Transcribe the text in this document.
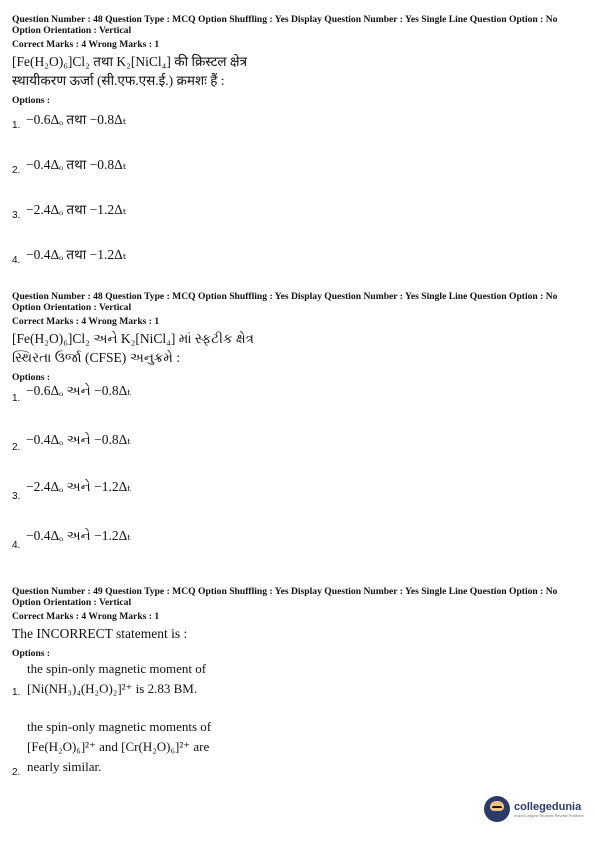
Question Number : 48 Question Type : MCQ Option Shuffling : Yes Display Question Number : Yes Single Line Question Option : No Option Orientation : Vertical
Correct Marks : 4 Wrong Marks : 1
[Fe(H₂O)₆]Cl₂ तथा K₂[NiCl₄] की क्रिस्टल क्षेत्र
स्थायीकरण ऊर्जा (सी.एफ.एस.ई.) क्रमशः हैं :
Options :
1. −0.6Δₒ तथा −0.8Δₜ
2. −0.4Δₒ तथा −0.8Δₜ
3. −2.4Δₒ तथा −1.2Δₜ
4. −0.4Δₒ तथा −1.2Δₜ
Question Number : 48 Question Type : MCQ Option Shuffling : Yes Display Question Number : Yes Single Line Question Option : No Option Orientation : Vertical
Correct Marks : 4 Wrong Marks : 1
[Fe(H₂O)₆]Cl₂ અને K₂[NiCl₄] માં સ્ફટીક ક્ષેત્ર
સ્થિરતા ઉર્જા (CFSE) અનુક્રમે :
Options :
1.
−0.6Δₒ અને −0.8Δₜ
2.
−0.4Δₒ અને −0.8Δₜ
3.
−2.4Δₒ અને −1.2Δₜ
4.
−0.4Δₒ અને −1.2Δₜ
Question Number : 49 Question Type : MCQ Option Shuffling : Yes Display Question Number : Yes Single Line Question Option : No Option Orientation : Vertical
Correct Marks : 4 Wrong Marks : 1
The INCORRECT statement is :
Options :
the spin-only magnetic moment of
[Ni(NH₃)₄(H₂O)₂]²⁺ is 2.83 BM.
1.
the spin-only magnetic moments of
[Fe(H₂O)₆]²⁺ and [Cr(H₂O)₆]²⁺ are
nearly similar.
2.
collegedunia
India's largest Student Review Platform
